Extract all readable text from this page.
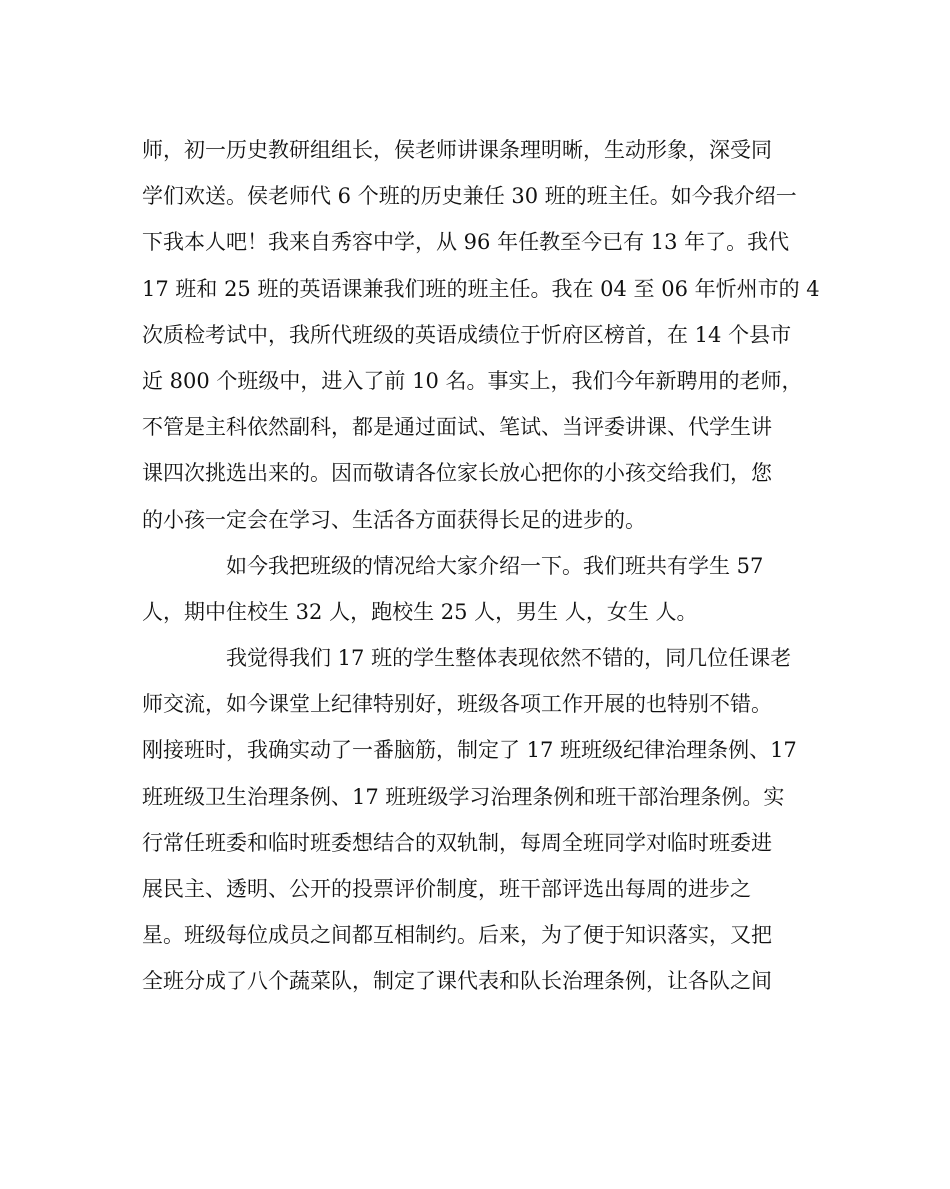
师，初一历史教研组组长，侯老师讲课条理明晰，生动形象，深受同
学们欢送。侯老师代 6 个班的历史兼任 30 班的班主任。如今我介绍一
下我本人吧！我来自秀容中学，从 96 年任教至今已有 13 年了。我代
17 班和 25 班的英语课兼我们班的班主任。我在 04 至 06 年忻州市的 4
次质检考试中，我所代班级的英语成绩位于忻府区榜首，在 14 个县市
近 800 个班级中，进入了前 10 名。事实上，我们今年新聘用的老师，
不管是主科依然副科，都是通过面试、笔试、当评委讲课、代学生讲
课四次挑选出来的。因而敬请各位家长放心把你的小孩交给我们，您
的小孩一定会在学习、生活各方面获得长足的进步的。
如今我把班级的情况给大家介绍一下。我们班共有学生 57
人，期中住校生 32 人，跑校生 25 人，男生 人，女生 人。
我觉得我们 17 班的学生整体表现依然不错的，同几位任课老
师交流，如今课堂上纪律特别好，班级各项工作开展的也特别不错。
刚接班时，我确实动了一番脑筋，制定了 17 班班级纪律治理条例、17
班班级卫生治理条例、17 班班级学习治理条例和班干部治理条例。实
行常任班委和临时班委想结合的双轨制，每周全班同学对临时班委进
展民主、透明、公开的投票评价制度，班干部评选出每周的进步之
星。班级每位成员之间都互相制约。后来，为了便于知识落实，又把
全班分成了八个蔬菜队，制定了课代表和队长治理条例，让各队之间
